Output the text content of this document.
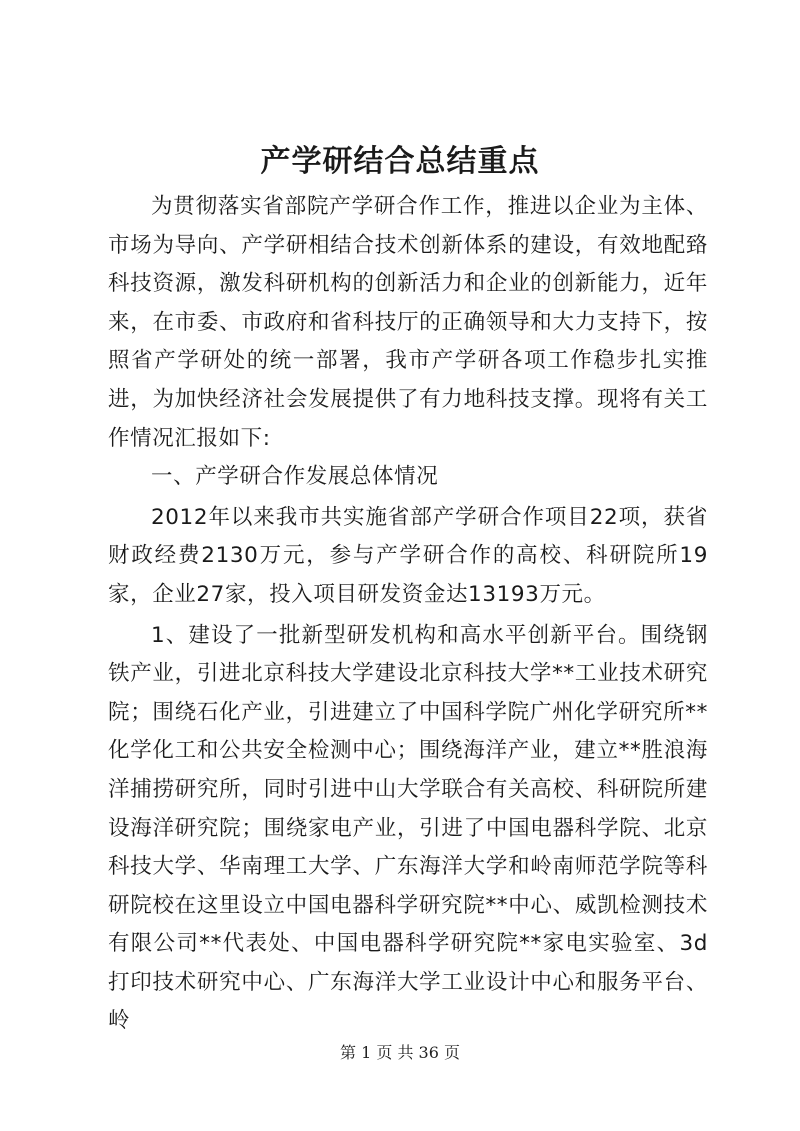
产学研结合总结重点

为贯彻落实省部院产学研合作工作，推进以企业为主体、市场为导向、产学研相结合技术创新体系的建设，有效地配臵科技资源，激发科研机构的创新活力和企业的创新能力，近年来，在市委、市政府和省科技厅的正确领导和大力支持下，按照省产学研处的统一部署，我市产学研各项工作稳步扎实推进，为加快经济社会发展提供了有力地科技支撑。现将有关工作情况汇报如下:

一、产学研合作发展总体情况

2012年以来我市共实施省部产学研合作项目22项，获省财政经费2130万元，参与产学研合作的高校、科研院所19家，企业27家，投入项目研发资金达13193万元。

1、建设了一批新型研发机构和高水平创新平台。围绕钢铁产业，引进北京科技大学建设北京科技大学**工业技术研究院；围绕石化产业，引进建立了中国科学院广州化学研究所**化学化工和公共安全检测中心；围绕海洋产业，建立**胜浪海洋捕捞研究所，同时引进中山大学联合有关高校、科研院所建设海洋研究院；围绕家电产业，引进了中国电器科学院、北京科技大学、华南理工大学、广东海洋大学和岭南师范学院等科研院校在这里设立中国电器科学研究院**中心、威凯检测技术有限公司**代表处、中国电器科学研究院**家电实验室、3d打印技术研究中心、广东海洋大学工业设计中心和服务平台、岭

第 1 页 共 36 页
